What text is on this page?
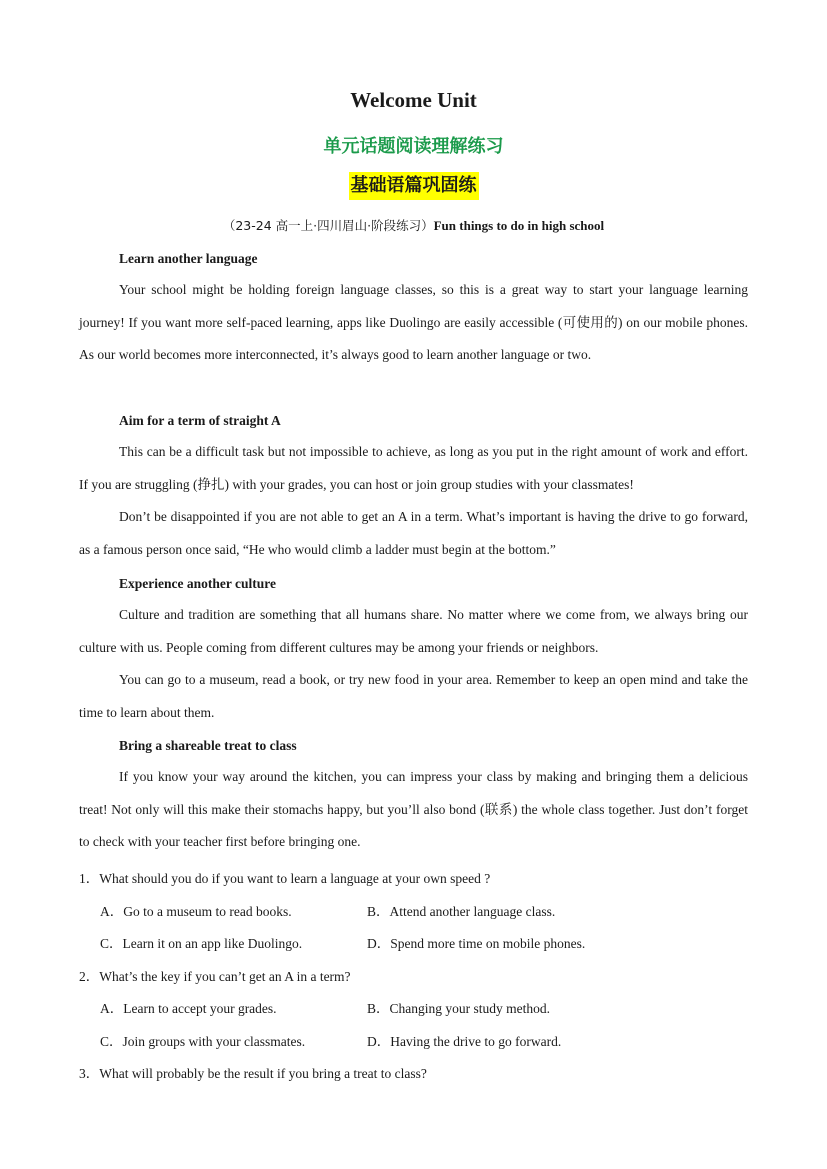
Welcome Unit
单元话题阅读理解练习
基础语篇巩固练
（23-24 高一上·四川眉山·阶段练习）Fun things to do in high school

Learn another language

Your school might be holding foreign language classes, so this is a great way to start your language learning journey! If you want more self-paced learning, apps like Duolingo are easily accessible (可使用的) on our mobile phones. As our world becomes more interconnected, it’s always good to learn another language or two.

Aim for a term of straight A

This can be a difficult task but not impossible to achieve, as long as you put in the right amount of work and effort. If you are struggling (挣扎) with your grades, you can host or join group studies with your classmates!

Don’t be disappointed if you are not able to get an A in a term. What’s important is having the drive to go forward, as a famous person once said, “He who would climb a ladder must begin at the bottom.”

Experience another culture

Culture and tradition are something that all humans share. No matter where we come from, we always bring our culture with us. People coming from different cultures may be among your friends or neighbors.

You can go to a museum, read a book, or try new food in your area. Remember to keep an open mind and take the time to learn about them.

Bring a shareable treat to class

If you know your way around the kitchen, you can impress your class by making and bringing them a delicious treat! Not only will this make their stomachs happy, but you’ll also bond (联系) the whole class together. Just don’t forget to check with your teacher first before bringing one.

1．What should you do if you want to learn a language at your own speed ?

A．Go to a museum to read books.	B．Attend another language class.

C．Learn it on an app like Duolingo.	D．Spend more time on mobile phones.

2．What’s the key if you can’t get an A in a term?

A．Learn to accept your grades.	B．Changing your study method.

C．Join groups with your classmates.	D．Having the drive to go forward.

3．What will probably be the result if you bring a treat to class?
